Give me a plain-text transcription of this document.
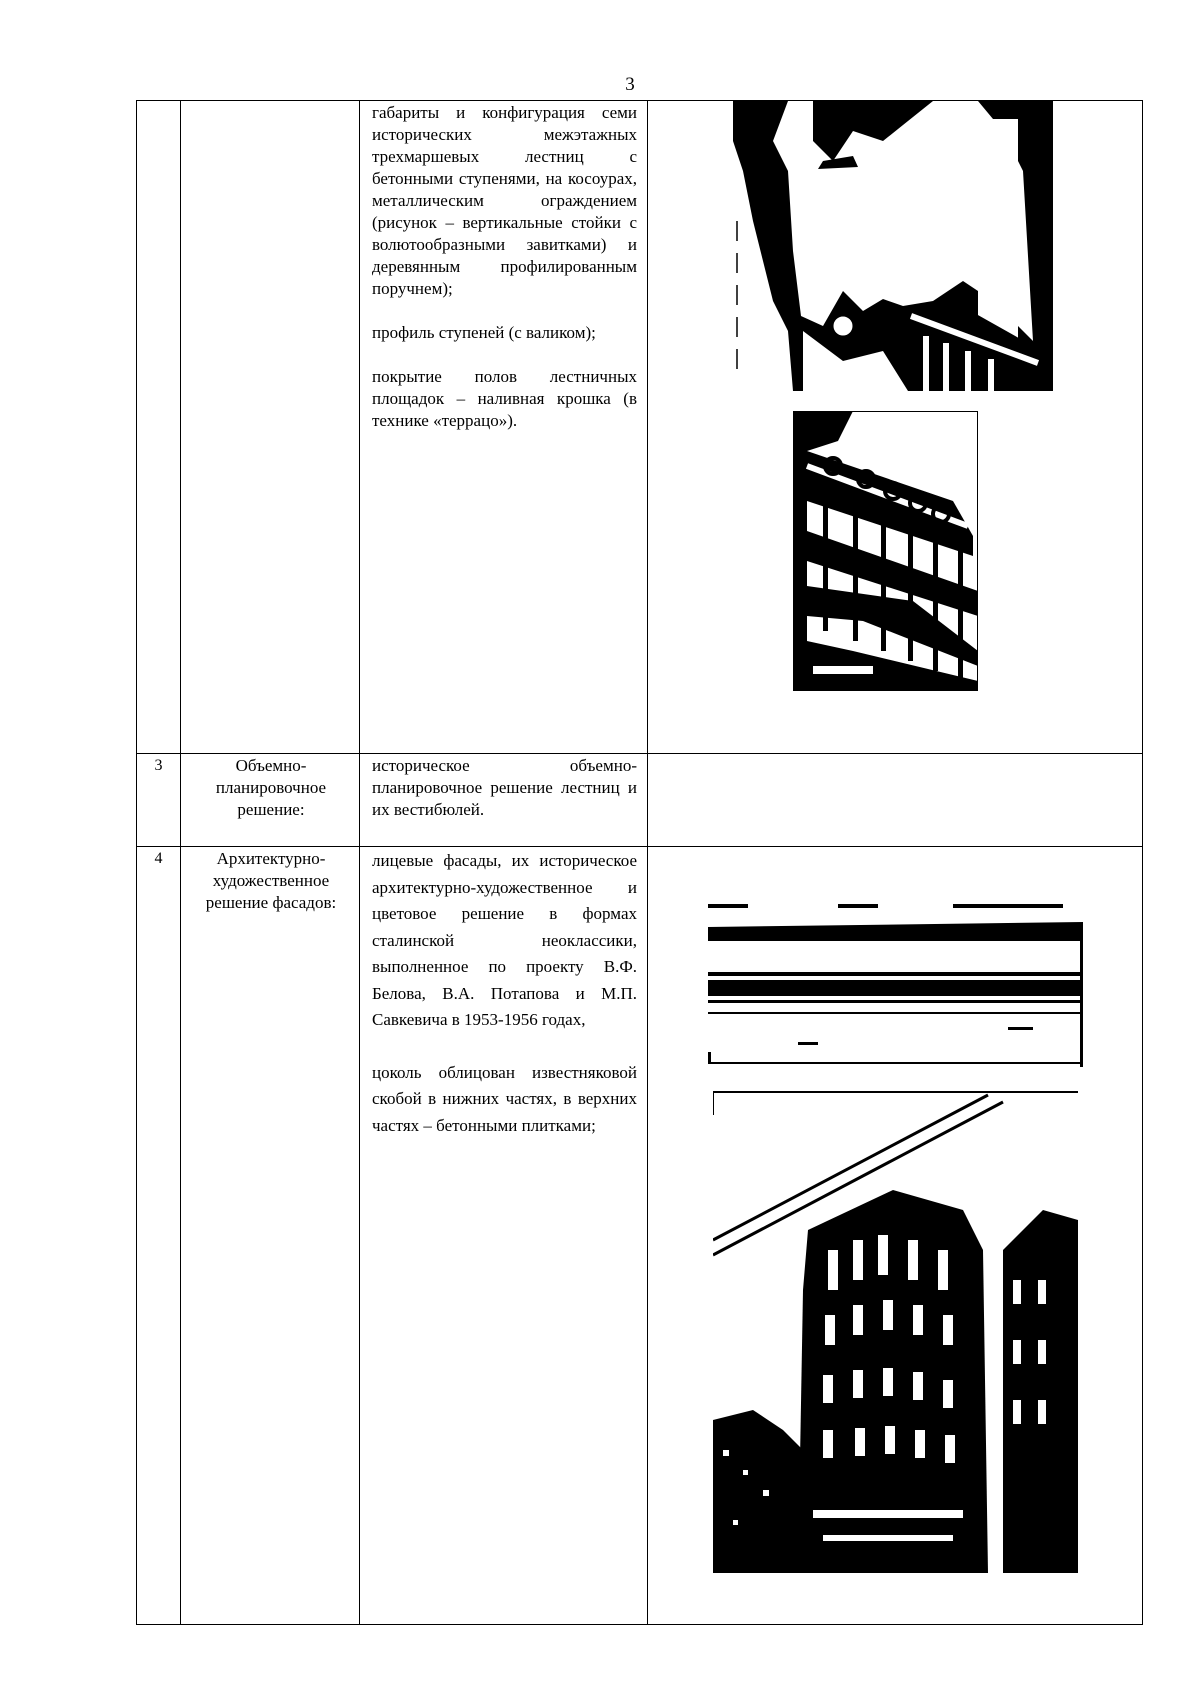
3

		габариты и конфигурация семи исторических межэтажных трехмаршевых лестниц с бетонными ступенями, на косоурах, металлическим ограждением (рисунок – вертикальные стойки с волютообразными завитками) и деревянным профилированным поручнем);

профиль ступеней (с валиком);

покрытие полов лестничных площадок – наливная крошка (в технике «террацо»).

3	Объемно-планировочное решение:	историческое объемно-планировочное решение лестниц и их вестибюлей.	

4	Архитектурно-художественное решение фасадов:	лицевые фасады, их историческое архитектурно-художественное и цветовое решение в формах сталинской неоклассики, выполненное по проекту В.Ф. Белова, В.А. Потапова и М.П. Савкевича в 1953-1956 годах,

цоколь облицован известняковой скобой в нижних частях, в верхних частях – бетонными плитками;
